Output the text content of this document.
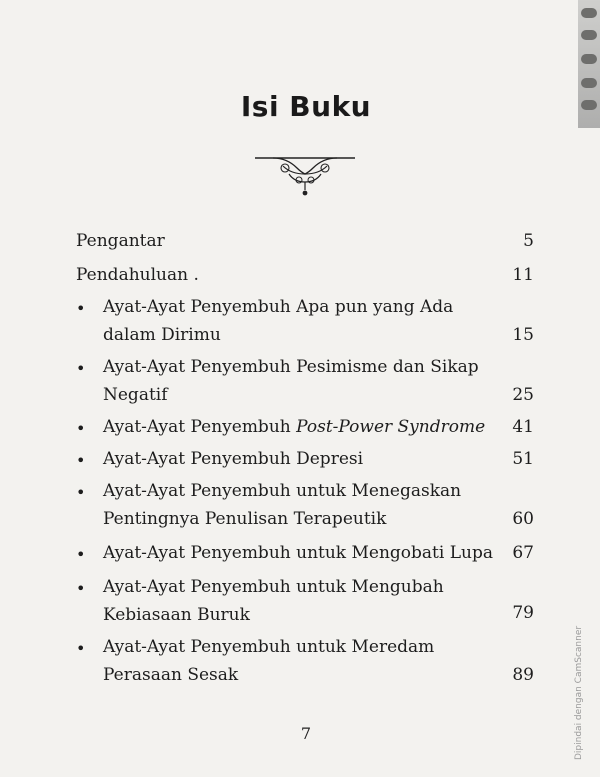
Isi Buku
Pengantar	5
Pendahuluan .	11
• Ayat-Ayat Penyembuh Apa pun yang Ada
dalam Dirimu	15
• Ayat-Ayat Penyembuh Pesimisme dan Sikap
Negatif	25
• Ayat-Ayat Penyembuh Post-Power Syndrome	41
• Ayat-Ayat Penyembuh Depresi	51
• Ayat-Ayat Penyembuh untuk Menegaskan
Pentingnya Penulisan Terapeutik	60
• Ayat-Ayat Penyembuh untuk Mengobati Lupa	67
• Ayat-Ayat Penyembuh untuk Mengubah
Kebiasaan Buruk	79
• Ayat-Ayat Penyembuh untuk Meredam
Perasaan Sesak	89
7	Dipindai dengan CamScanner
